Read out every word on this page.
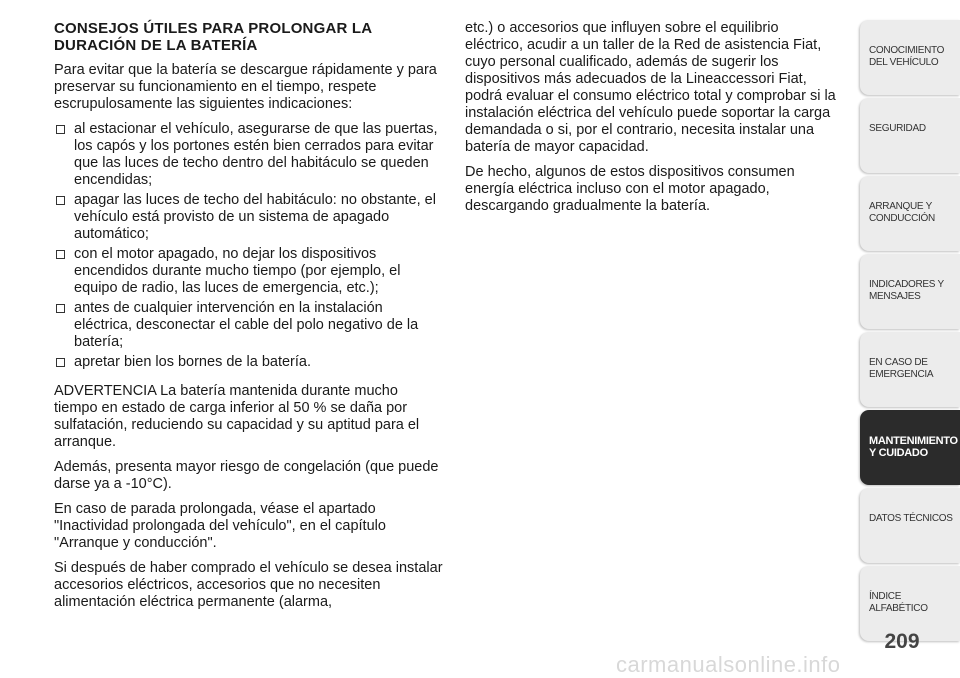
CONSEJOS ÚTILES PARA PROLONGAR LA DURACIÓN DE LA BATERÍA

Para evitar que la batería se descargue rápidamente y para preservar su funcionamiento en el tiempo, respete escrupulosamente las siguientes indicaciones:

al estacionar el vehículo, asegurarse de que las puertas, los capós y los portones estén bien cerrados para evitar que las luces de techo dentro del habitáculo se queden encendidas;
apagar las luces de techo del habitáculo: no obstante, el vehículo está provisto de un sistema de apagado automático;
con el motor apagado, no dejar los dispositivos encendidos durante mucho tiempo (por ejemplo, el equipo de radio, las luces de emergencia, etc.);
antes de cualquier intervención en la instalación eléctrica, desconectar el cable del polo negativo de la batería;
apretar bien los bornes de la batería.

ADVERTENCIA La batería mantenida durante mucho tiempo en estado de carga inferior al 50 % se daña por sulfatación, reduciendo su capacidad y su aptitud para el arranque.

Además, presenta mayor riesgo de congelación (que puede darse ya a -10°C).

En caso de parada prolongada, véase el apartado "Inactividad prolongada del vehículo", en el capítulo "Arranque y conducción".

Si después de haber comprado el vehículo se desea instalar accesorios eléctricos, accesorios que no necesiten alimentación eléctrica permanente (alarma,

etc.) o accesorios que influyen sobre el equilibrio eléctrico, acudir a un taller de la Red de asistencia Fiat, cuyo personal cualificado, además de sugerir los dispositivos más adecuados de la Lineaccessori Fiat, podrá evaluar el consumo eléctrico total y comprobar si la instalación eléctrica del vehículo puede soportar la carga demandada o si, por el contrario, necesita instalar una batería de mayor capacidad.

De hecho, algunos de estos dispositivos consumen energía eléctrica incluso con el motor apagado, descargando gradualmente la batería.

CONOCIMIENTO
DEL VEHÍCULO
SEGURIDAD
ARRANQUE Y
CONDUCCIÓN
INDICADORES Y
MENSAJES
EN CASO DE
EMERGENCIA
MANTENIMIENTO
Y CUIDADO
DATOS TÉCNICOS
ÍNDICE ALFABÉTICO
209
carmanualsonline.info
